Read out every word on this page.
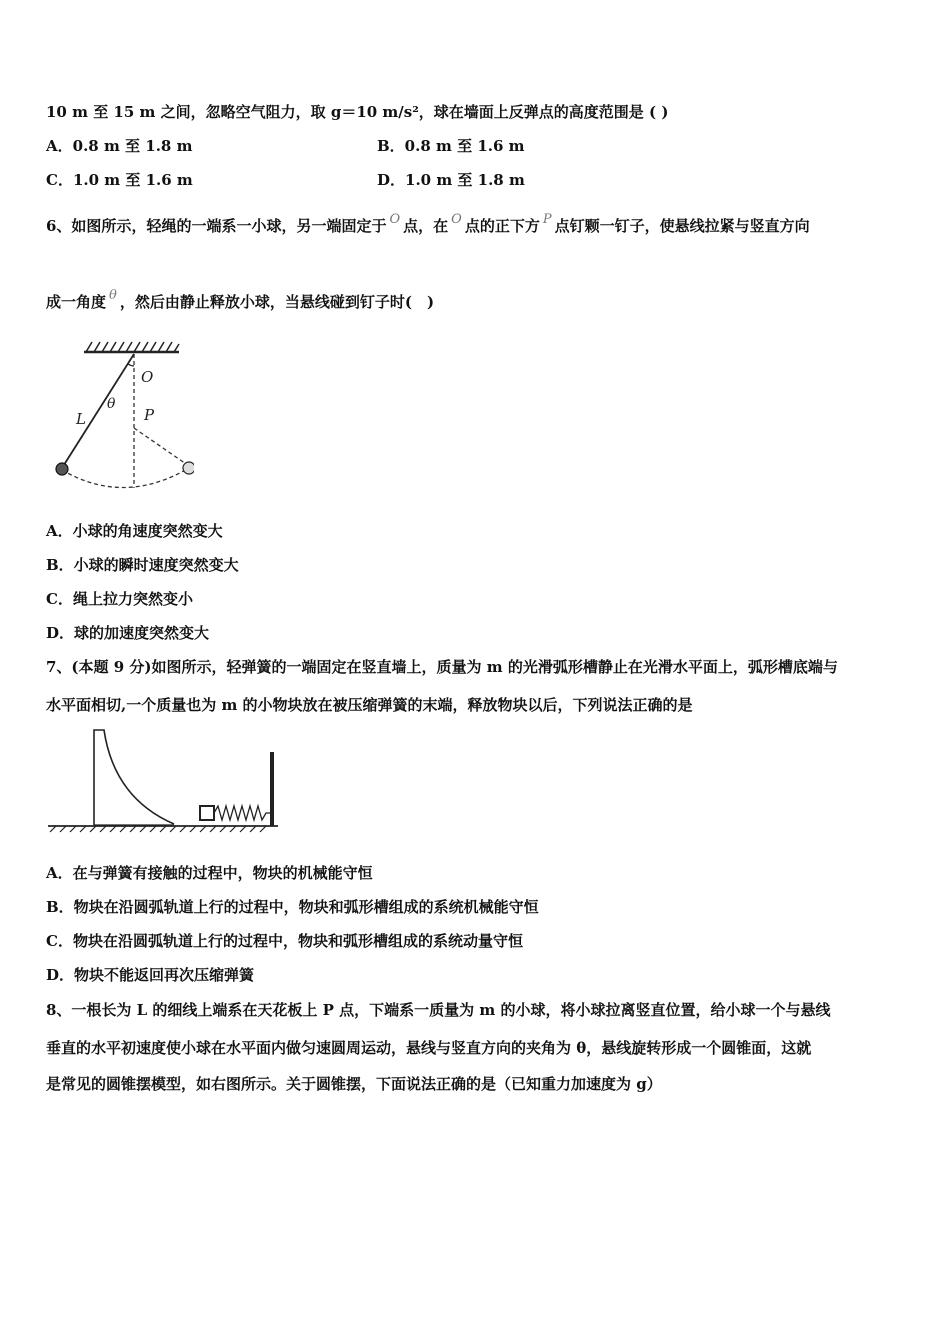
10 m 至 15 m 之间，忽略空气阻力，取 g＝10 m/s²，球在墙面上反弹点的高度范围是 ( )
A．0.8 m 至 1.8 m	B．0.8 m 至 1.6 m
C．1.0 m 至 1.6 m	D．1.0 m 至 1.8 m
6、如图所示，轻绳的一端系一小球，另一端固定于 O 点，在 O 点的正下方 P 点钉颗一钉子，使悬线拉紧与竖直方向
成一角度 θ ，然后由静止释放小球，当悬线碰到钉子时(　)
O
P
L
θ
A．小球的角速度突然变大
B．小球的瞬时速度突然变大
C．绳上拉力突然变小
D．球的加速度突然变大
7、(本题 9 分)如图所示，轻弹簧的一端固定在竖直墙上，质量为 m 的光滑弧形槽静止在光滑水平面上，弧形槽底端与
水平面相切,一个质量也为 m 的小物块放在被压缩弹簧的末端，释放物块以后，下列说法正确的是
A．在与弹簧有接触的过程中，物块的机械能守恒
B．物块在沿圆弧轨道上行的过程中，物块和弧形槽组成的系统机械能守恒
C．物块在沿圆弧轨道上行的过程中，物块和弧形槽组成的系统动量守恒
D．物块不能返回再次压缩弹簧
8、一根长为 L 的细线上端系在天花板上 P 点，下端系一质量为 m 的小球，将小球拉离竖直位置，给小球一个与悬线
垂直的水平初速度使小球在水平面内做匀速圆周运动，悬线与竖直方向的夹角为 θ，悬线旋转形成一个圆锥面，这就
是常见的圆锥摆模型，如右图所示。关于圆锥摆，下面说法正确的是（已知重力加速度为 g）
